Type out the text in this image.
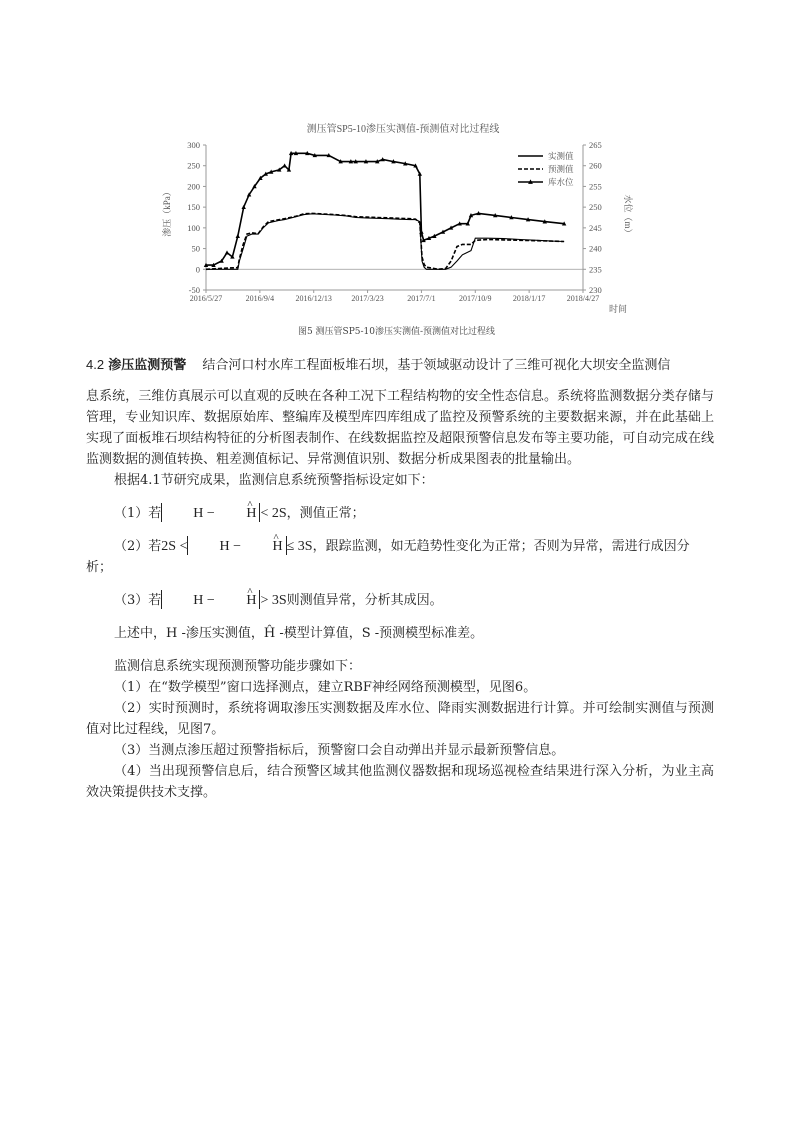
测压管SP5-10渗压实测值-预测值对比过程线
-50
0
50
100
150
200
250
300
230
235
240
245
250
255
260
265
2016/5/27	2016/9/4	2016/12/13 2017/3/23	2017/7/1	2017/10/9	2018/1/17	2018/4/27
实测值
预测值
库水位
渗压（kPa）	水位（m）
时间
图5 测压管SP5-10渗压实测值-预测值对比过程线

4.2 渗压监测预警 结合河口村水库工程面板堆石坝，基于领域驱动设计了三维可视化大坝安全监测信

息系统，三维仿真展示可以直观的反映在各种工况下工程结构物的安全性态信息。系统将监测数据分类存储与管理，专业知识库、数据原始库、整编库及模型库四库组成了监控及预警系统的主要数据来源，并在此基础上实现了面板堆石坝结构特征的分析图表制作、在线数据监控及超限预警信息发布等主要功能，可自动完成在线监测数据的测值转换、粗差测值标记、异常测值识别、数据分析成果图表的批量输出。

根据4.1节研究成果，监测信息系统预警指标设定如下：

（1）若 H − ^ H < 2S，测值正常；

（2）若2S < H − ^ H ≤ 3S，跟踪监测，如无趋势性变化为正常；否则为异常，需进行成因分析；

（3）若 H − ^ H > 3S则测值异常，分析其成因。

上述中，H -渗压实测值，Ĥ -模型计算值，S -预测模型标准差。

监测信息系统实现预测预警功能步骤如下：

（1）在“数学模型”窗口选择测点，建立RBF神经网络预测模型，见图6。

（2）实时预测时，系统将调取渗压实测数据及库水位、降雨实测数据进行计算。并可绘制实测值与预测值对比过程线，见图7。

（3）当测点渗压超过预警指标后，预警窗口会自动弹出并显示最新预警信息。

（4）当出现预警信息后，结合预警区域其他监测仪器数据和现场巡视检查结果进行深入分析，为业主高效决策提供技术支撑。
